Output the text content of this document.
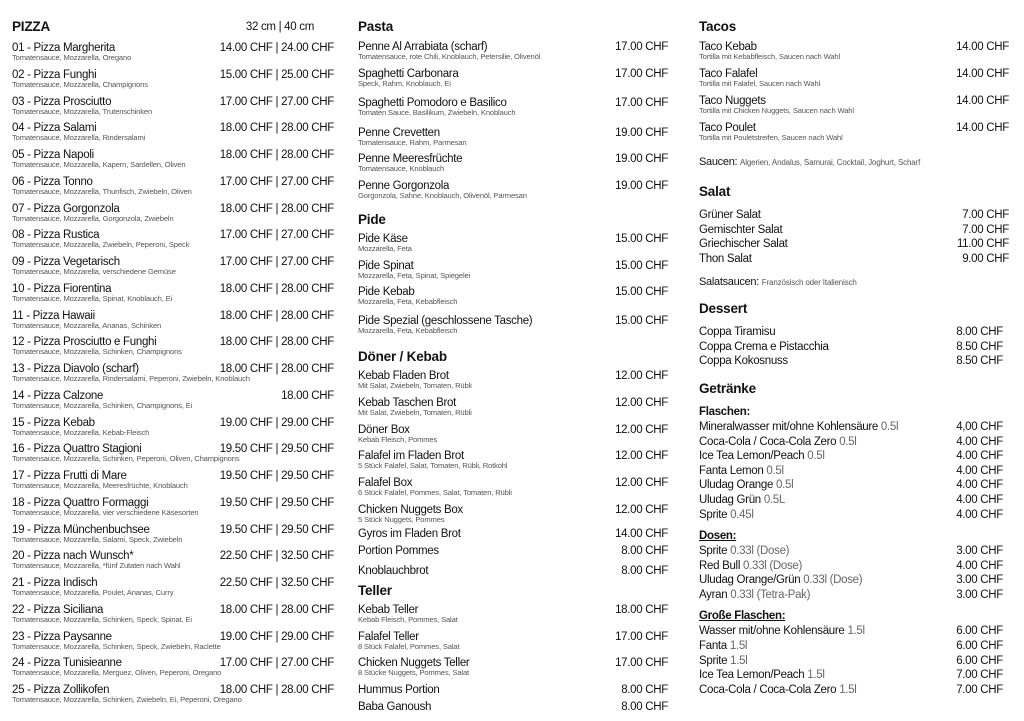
PIZZA
01 - Pizza Margherita
Tomatensauce, Mozzarella, Oregano
14.00 CHF | 24.00 CHF
02 - Pizza Funghi
Tomatensauce, Mozzarella, Champignons
15.00 CHF | 25.00 CHF
03 - Pizza Prosciutto
Tomatensauce, Mozzarella, Trutenschinken
17.00 CHF | 27.00 CHF
04 - Pizza Salami
Tomatensauce, Mozzarella, Rindersalami
18.00 CHF | 28.00 CHF
05 - Pizza Napoli
Tomatensauce, Mozzarella, Kapern, Sardellen, Oliven
18.00 CHF | 28.00 CHF
06 - Pizza Tonno
Tomatensauce, Mozzarella, Thunfisch, Zwiebeln, Oliven
17.00 CHF | 27.00 CHF
07 - Pizza Gorgonzola
Tomatensauce, Mozzarella, Gorgonzola, Zwiebeln
18.00 CHF | 28.00 CHF
08 - Pizza Rustica
Tomatensauce, Mozzarella, Zwiebeln, Peperoni, Speck
17.00 CHF | 27.00 CHF
09 - Pizza Vegetarisch
Tomatensauce, Mozzarella, verschiedene Gemüse
17.00 CHF | 27.00 CHF
10 - Pizza Fiorentina
Tomatensauce, Mozzarella, Spinat, Knoblauch, Ei
18.00 CHF | 28.00 CHF
11 - Pizza Hawaii
Tomatensauce, Mozzarella, Ananas, Schinken
18.00 CHF | 28.00 CHF
12 - Pizza Prosciutto e Funghi
Tomatensauce, Mozzarella, Schinken, Champignons
18.00 CHF | 28.00 CHF
13 - Pizza Diavolo (scharf)
Tomatensauce, Mozzarella, Rindersalami, Peperoni, Zwiebeln, Knoblauch
18.00 CHF | 28.00 CHF
14 - Pizza Calzone
Tomatensauce, Mozzarella, Schinken, Champignons, Ei
18.00 CHF
15 - Pizza Kebab
Tomatensauce, Mozzarella, Kebab-Fleisch
19.00 CHF | 29.00 CHF
16 - Pizza Quattro Stagioni
Tomatensauce, Mozzarella, Schinken, Peperoni, Oliven, Champignons
19.50 CHF | 29.50 CHF
17 - Pizza Frutti di Mare
Tomatensauce, Mozzarella, Meeresfrüchte, Knoblauch
19.50 CHF | 29.50 CHF
18 - Pizza Quattro Formaggi
Tomatensauce, Mozzarella, vier verschiedene Käsesorten
19.50 CHF | 29.50 CHF
19 - Pizza Münchenbuchsee
Tomatensauce, Mozzarella, Salami, Speck, Zwiebeln
19.50 CHF | 29.50 CHF
20 - Pizza nach Wunsch*
Tomatensauce, Mozzarella, *fünf Zutaten nach Wahl
22.50 CHF | 32.50 CHF
21 - Pizza Indisch
Tomatensauce, Mozzarella, Poulet, Ananas, Curry
22.50 CHF | 32.50 CHF
22 - Pizza Siciliana
Tomatensauce, Mozzarella, Schinken, Speck, Spinat, Ei
18.00 CHF | 28.00 CHF
23 - Pizza Paysanne
Tomatensauce, Mozzarella, Schinken, Speck, Zwiebeln, Raclette
19.00 CHF | 29.00 CHF
24 - Pizza Tunisieanne
Tomatensauce, Mozzarella, Merguez, Oliven, Peperoni, Oregano
17.00 CHF | 27.00 CHF
25 - Pizza Zollikofen
Tomatensauce, Mozzarella, Schinken, Zwiebeln, Ei, Peperoni, Oregano
18.00 CHF | 28.00 CHF
32 cm | 40 cm	Pasta
Penne Al Arrabiata (scharf)
Tomatensauce, rote Chili, Knoblauch, Petersilie, Olivenöl
17.00 CHF
Spaghetti Carbonara
Speck, Rahm, Knoblauch, Ei
17.00 CHF
Spaghetti Pomodoro e Basilico
Tomaten Sauce, Basilikum, Zwiebeln, Knoblauch
17.00 CHF
Penne Crevetten
Tomatensauce, Rahm, Parmesan
19.00 CHF
Penne Meeresfrüchte
Tomatensauce, Knoblauch
19.00 CHF
Penne Gorgonzola
Gorgonzola, Sahne, Knoblauch, Olivenöl, Parmesan
19.00 CHF
Pide
Pide Käse
Mozzarella, Feta
15.00 CHF
Pide Spinat
Mozzarella, Feta, Spinat, Spiegelei
15.00 CHF
Pide Kebab
Mozzarella, Feta, Kebabfleisch
15.00 CHF
Pide Spezial (geschlossene Tasche)
Mozzarella, Feta, Kebabfleisch
15.00 CHF
Döner / Kebab
Kebab Fladen Brot
Mit Salat, Zwiebeln, Tomaten, Rübli
12.00 CHF
Kebab Taschen Brot
Mit Salat, Zwiebeln, Tomaten, Rübli
12.00 CHF
Döner Box
Kebab Fleisch, Pommes
12.00 CHF
Falafel im Fladen Brot
5 Stück Falafel, Salat, Tomaten, Rübli, Rotkohl
12.00 CHF
Falafel Box
6 Stück Falafel, Pommes, Salat, Tomaten, Rübli
12.00 CHF
Chicken Nuggets Box
5 Stück Nuggets, Pommes
12.00 CHF
Gyros im Fladen Brot	14.00 CHF
Portion Pommes	8.00 CHF
Knoblauchbrot	8.00 CHF
Teller
Kebab Teller
Kebab Fleisch, Pommes, Salat
18.00 CHF
Falafel Teller
8 Stück Falafel, Pommes, Salat
17.00 CHF
Chicken Nuggets Teller
8 Stücke Nuggets, Pommes, Salat
17.00 CHF
Hummus Portion	8.00 CHF
Baba Ganoush	8.00 CHF
Tacos
Taco Kebab
Tortilla mit Kebabfleisch, Saucen nach Wahl
14.00 CHF
Taco Falafel
Tortilla mit Falafel, Saucen nach Wahl
14.00 CHF
Taco Nuggets
Tortilla mit Chicken Nuggets, Saucen nach Wahl
14.00 CHF
Taco Poulet
Tortilla mit Pouletstreifen, Saucen nach Wahl
14.00 CHF
Saucen: Algerien, Andalus, Samurai, Cocktail, Joghurt, Scharf
Salat
Grüner Salat	7.00 CHF
Gemischter Salat	7.00 CHF
Griechischer Salat	11.00 CHF
Thon Salat	9.00 CHF
Salatsaucen: Französisch oder Italienisch
Dessert
Coppa Tiramisu	8.00 CHF
Coppa Crema e Pistacchia	8.50 CHF
Coppa Kokosnuss	8.50 CHF
Getränke
Flaschen:
Mineralwasser mit/ohne Kohlensäure 0.5l	4,00 CHF
Coca-Cola / Coca-Cola Zero 0.5l	4.00 CHF
Ice Tea Lemon/Peach 0.5l	4.00 CHF
Fanta Lemon 0.5l	4.00 CHF
Uludag Orange 0.5l	4.00 CHF
Uludag Grün 0.5L	4.00 CHF
Sprite 0.45l	4.00 CHF
Dosen:
Sprite 0.33l (Dose)	3.00 CHF
Red Bull 0.33l (Dose)	4.00 CHF
Uludag Orange/Grün 0.33l (Dose)	3.00 CHF
Ayran 0.33l (Tetra-Pak)	3.00 CHF
Große Flaschen:
Wasser mit/ohne Kohlensäure 1.5l	6.00 CHF
Fanta 1.5l	6.00 CHF
Sprite 1.5l	6.00 CHF
Ice Tea Lemon/Peach 1.5l	7.00 CHF
Coca-Cola / Coca-Cola Zero 1.5l	7.00 CHF
